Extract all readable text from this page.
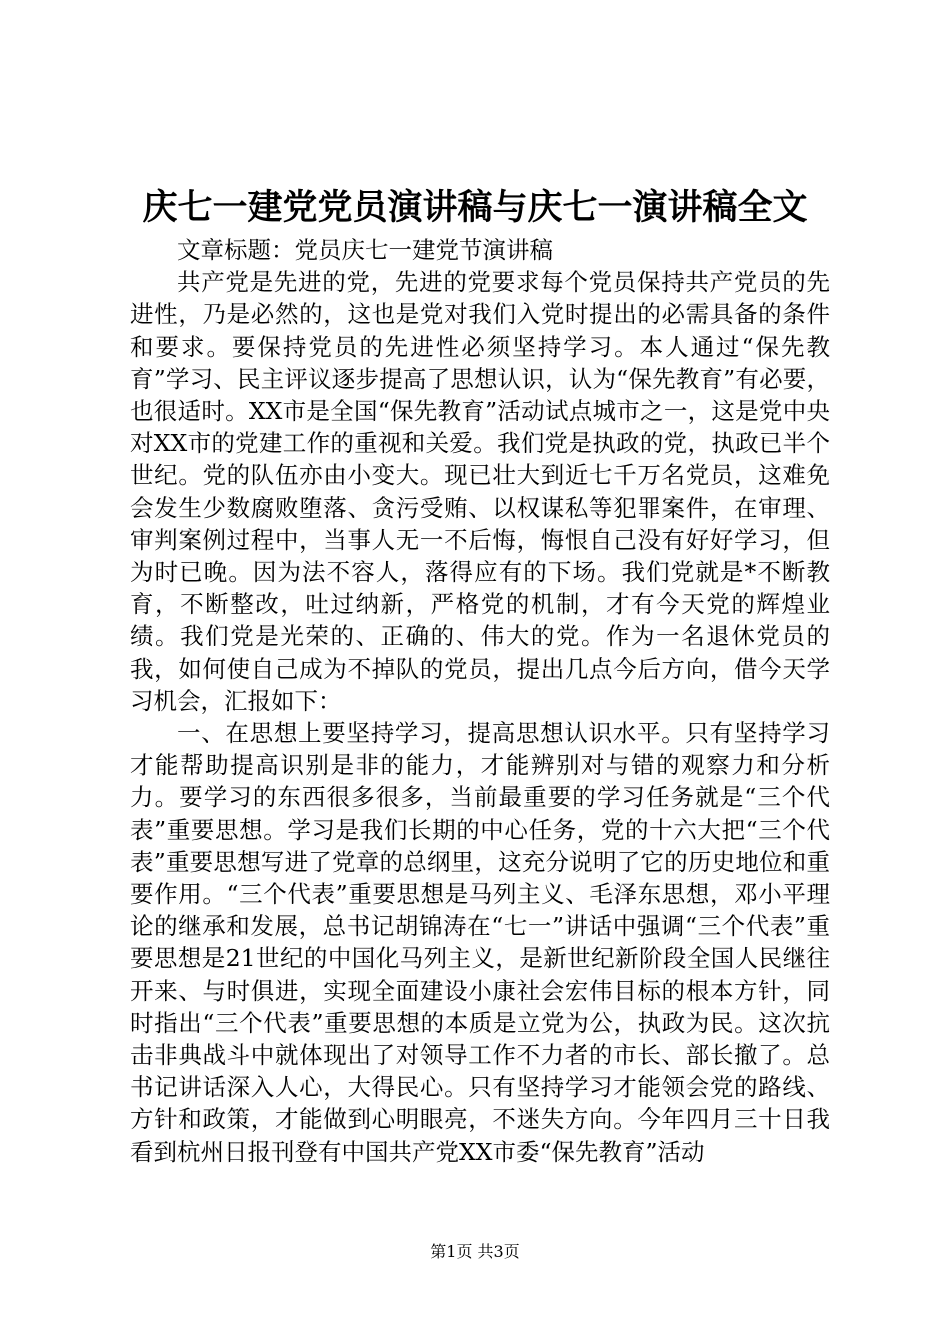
庆七一建党党员演讲稿与庆七一演讲稿全文

文章标题：党员庆七一建党节演讲稿

共产党是先进的党，先进的党要求每个党员保持共产党员的先进性，乃是必然的，这也是党对我们入党时提出的必需具备的条件和要求。要保持党员的先进性必须坚持学习。本人通过“保先教育”学习、民主评议逐步提高了思想认识，认为“保先教育”有必要，也很适时。XX市是全国“保先教育”活动试点城市之一，这是党中央对XX市的党建工作的重视和关爱。我们党是执政的党，执政已半个世纪。党的队伍亦由小变大。现已壮大到近七千万名党员，这难免会发生少数腐败堕落、贪污受贿、以权谋私等犯罪案件，在审理、审判案例过程中，当事人无一不后悔，悔恨自己没有好好学习，但为时已晚。因为法不容人，落得应有的下场。我们党就是*不断教育，不断整改，吐过纳新，严格党的机制，才有今天党的辉煌业绩。我们党是光荣的、正确的、伟大的党。作为一名退休党员的我，如何使自己成为不掉队的党员，提出几点今后方向，借今天学习机会，汇报如下：

一、在思想上要坚持学习，提高思想认识水平。只有坚持学习才能帮助提高识别是非的能力，才能辨别对与错的观察力和分析力。要学习的东西很多很多，当前最重要的学习任务就是“三个代表”重要思想。学习是我们长期的中心任务，党的十六大把“三个代表”重要思想写进了党章的总纲里，这充分说明了它的历史地位和重要作用。“三个代表”重要思想是马列主义、毛泽东思想，邓小平理论的继承和发展，总书记胡锦涛在“七一”讲话中强调“三个代表”重要思想是21世纪的中国化马列主义，是新世纪新阶段全国人民继往开来、与时俱进，实现全面建设小康社会宏伟目标的根本方针，同时指出“三个代表”重要思想的本质是立党为公，执政为民。这次抗击非典战斗中就体现出了对领导工作不力者的市长、部长撤了。总书记讲话深入人心，大得民心。只有坚持学习才能领会党的路线、方针和政策，才能做到心明眼亮，不迷失方向。今年四月三十日我看到杭州日报刊登有中国共产党XX市委“保先教育”活动

第1页 共3页
